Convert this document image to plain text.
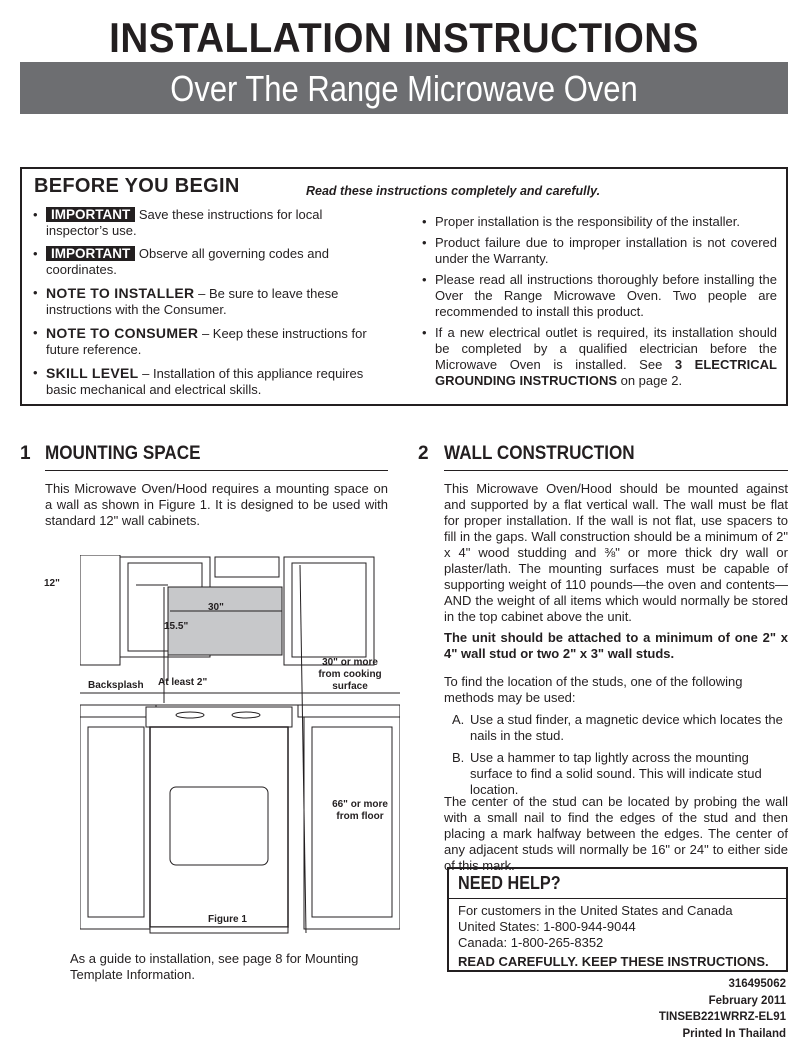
INSTALLATION INSTRUCTIONS
Over The Range Microwave Oven
BEFORE YOU BEGIN	Read these instructions completely and carefully.
• IMPORTANT Save these instructions for local inspector’s use.
• IMPORTANT Observe all governing codes and coordinates.
• NOTE TO INSTALLER – Be sure to leave these instructions with the Consumer.
• NOTE TO CONSUMER – Keep these instructions for future reference.
• SKILL LEVEL – Installation of this appliance requires basic mechanical and electrical skills.
• Proper installation is the responsibility of the installer.
• Product failure due to improper installation is not covered under the Warranty.
• Please read all instructions thoroughly before installing the Over the Range Microwave Oven. Two people are recommended to install this product.
• If a new electrical outlet is required, its installation should be completed by a qualified electrician before the Microwave Oven is installed. See 3 ELECTRICAL GROUNDING INSTRUCTIONS on page 2.
1 MOUNTING SPACE
This Microwave Oven/Hood requires a mounting space on a wall as shown in Figure 1. It is designed to be used with standard 12" wall cabinets.
12"
30"
15.5"
Backsplash At least 2"
30" or more from cooking surface
66" or more from floor
Figure 1
As a guide to installation, see page 8 for Mounting Template Information.
2 WALL CONSTRUCTION
This Microwave Oven/Hood should be mounted against and supported by a flat vertical wall. The wall must be flat for proper installation. If the wall is not flat, use spacers to fill in the gaps. Wall construction should be a minimum of 2" x 4" wood studding and ⅜" or more thick dry wall or plaster/lath. The mounting surfaces must be capable of supporting weight of 110 pounds—the oven and contents—AND the weight of all items which would normally be stored in the top cabinet above the unit.
The unit should be attached to a minimum of one 2" x 4" wall stud or two 2" x 3" wall studs.
To find the location of the studs, one of the following methods may be used:
A. Use a stud finder, a magnetic device which locates the nails in the stud.
B. Use a hammer to tap lightly across the mounting surface to find a solid sound. This will indicate stud location.
The center of the stud can be located by probing the wall with a small nail to find the edges of the stud and then placing a mark halfway between the edges. The center of any adjacent studs will normally be 16" or 24" to either side of this mark.
NEED HELP?
For customers in the United States and Canada
United States: 1-800-944-9044
Canada: 1-800-265-8352
READ CAREFULLY. KEEP THESE INSTRUCTIONS.
316495062
February 2011
TINSEB221WRRZ-EL91
Printed In Thailand
